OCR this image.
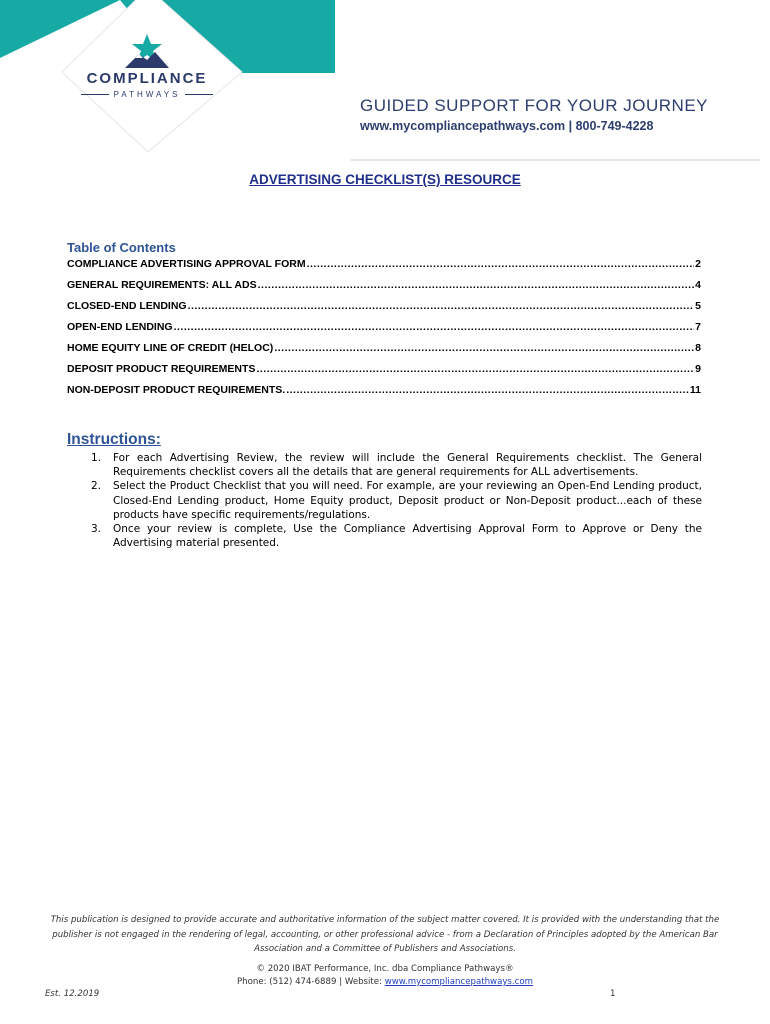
COMPLIANCE
PATHWAYS
GUIDED SUPPORT FOR YOUR JOURNEY
www.mycompliancepathways.com | 800-749-4228
ADVERTISING CHECKLIST(S) RESOURCE
Table of Contents
COMPLIANCE ADVERTISING APPROVAL FORM .....	2
GENERAL REQUIREMENTS: ALL ADS .....	4
CLOSED-END LENDING .....	5
OPEN-END LENDING .....	7
HOME EQUITY LINE OF CREDIT (HELOC) .....	8
DEPOSIT PRODUCT REQUIREMENTS .....	9
NON-DEPOSIT PRODUCT REQUIREMENTS. .....	11
Instructions:
1. For each Advertising Review, the review will include the General Requirements checklist. The General Requirements checklist covers all the details that are general requirements for ALL advertisements.
2. Select the Product Checklist that you will need. For example, are your reviewing an Open-End Lending product, Closed-End Lending product, Home Equity product, Deposit product or Non-Deposit product...each of these products have specific requirements/regulations.
3. Once your review is complete, Use the Compliance Advertising Approval Form to Approve or Deny the Advertising material presented.
This publication is designed to provide accurate and authoritative information of the subject matter covered. It is provided with the understanding that the publisher is not engaged in the rendering of legal, accounting, or other professional advice - from a Declaration of Principles adopted by the American Bar Association and a Committee of Publishers and Associations.
© 2020 IBAT Performance, Inc. dba Compliance Pathways®
Phone: (512) 474-6889 | Website: www.mycompliancepathways.com
Est. 12.2019	1
